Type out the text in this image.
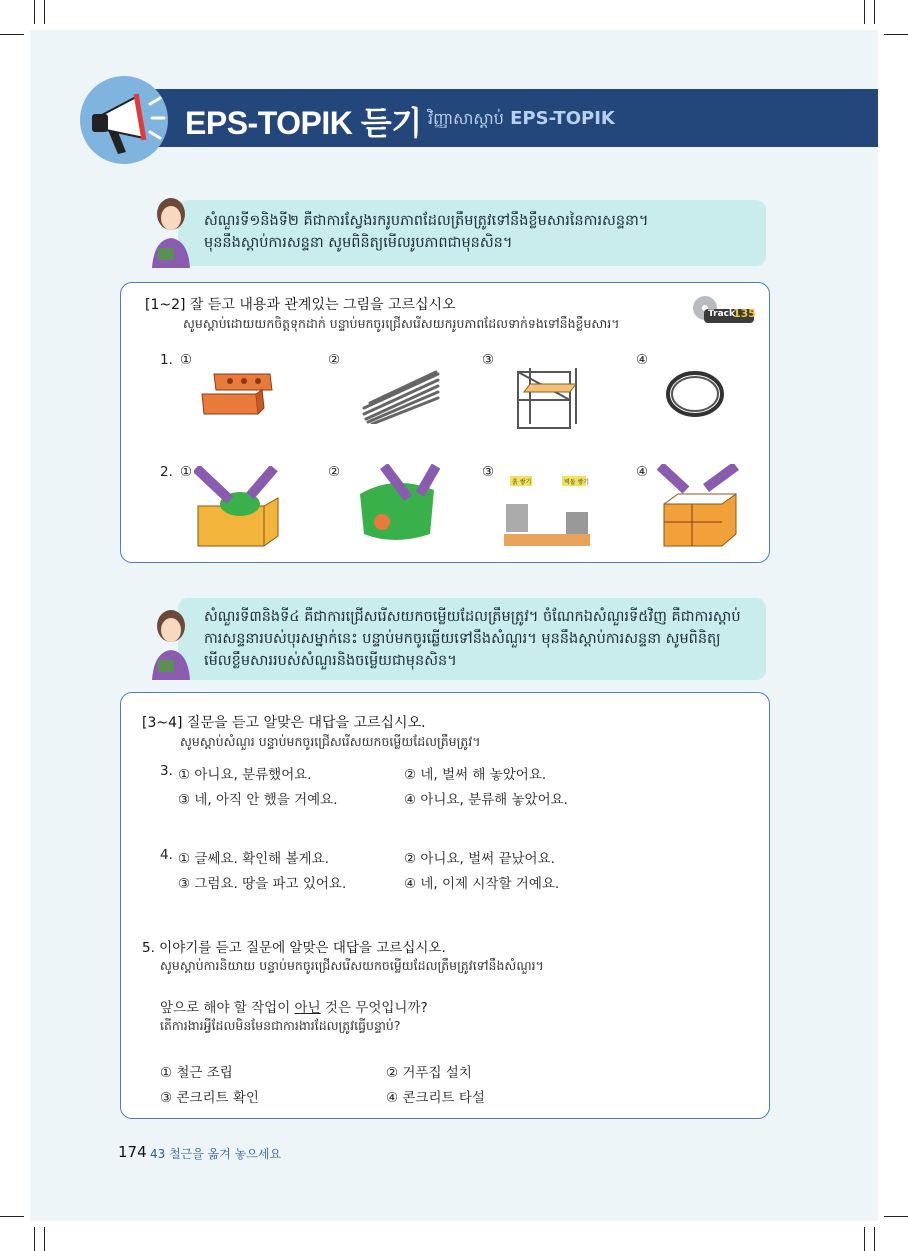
EPS-TOPIK 듣기 វិញ្ញាសាស្ដាប់ EPS-TOPIK
សំណួរទី១និងទី២ គឺជាការស្វែងរករូបភាពដែលត្រឹមត្រូវទៅនឹងខ្លឹមសារនៃការសន្ទនា។
មុននឹងស្ដាប់ការសន្ទនា សូមពិនិត្យមើលរូបភាពជាមុនសិន។
[1~2] 잘 듣고 내용과 관계있는 그림을 고르십시오
សូមស្ដាប់ដោយយកចិត្តទុកដាក់ បន្ទាប់មកចូរជ្រើសរើសយករូបភាពដែលទាក់ទងទៅនឹងខ្លឹមសារ។
Track
135
1. ①	②	③	④
2. ①	②	③	④
흙 쌓기	벽돌 쌓기
សំណួរទី៣និងទី៤ គឺជាការជ្រើសរើសយកចម្លើយដែលត្រឹមត្រូវ។ ចំណែកឯសំណួរទី៥វិញ គឺជាការស្ដាប់
ការសន្ទនារបស់បុរសម្នាក់នេះ បន្ទាប់មកចូរឆ្លើយទៅនឹងសំណួរ។ មុននឹងស្ដាប់ការសន្ទនា សូមពិនិត្យ
មើលខ្លឹមសាររបស់សំណួរនិងចម្លើយជាមុនសិន។
[3~4] 질문을 듣고 알맞은 대답을 고르십시오.
សូមស្ដាប់សំណួរ បន្ទាប់មកចូរជ្រើសរើសយកចម្លើយដែលត្រឹមត្រូវ។
3. ① 아니요, 분류했어요.	② 네, 벌써 해 놓았어요.
③ 네, 아직 안 했을 거예요.	④ 아니요, 분류해 놓았어요.
4. ① 글쎄요. 확인해 볼게요.	② 아니요, 벌써 끝났어요.
③ 그럼요. 땅을 파고 있어요.	④ 네, 이제 시작할 거예요.
5. 이야기를 듣고 질문에 알맞은 대답을 고르십시오.
សូមស្ដាប់ការនិយាយ បន្ទាប់មកចូរជ្រើសរើសយកចម្លើយដែលត្រឹមត្រូវទៅនឹងសំណួរ។
앞으로 해야 할 작업이 아닌 것은 무엇입니까?
តើការងារអ្វីដែលមិនមែនជាការងារដែលត្រូវធ្វើបន្ទាប់?
① 철근 조립	② 거푸집 설치
③ 콘크리트 확인	④ 콘크리트 타설
174 43 철근을 옮겨 놓으세요
